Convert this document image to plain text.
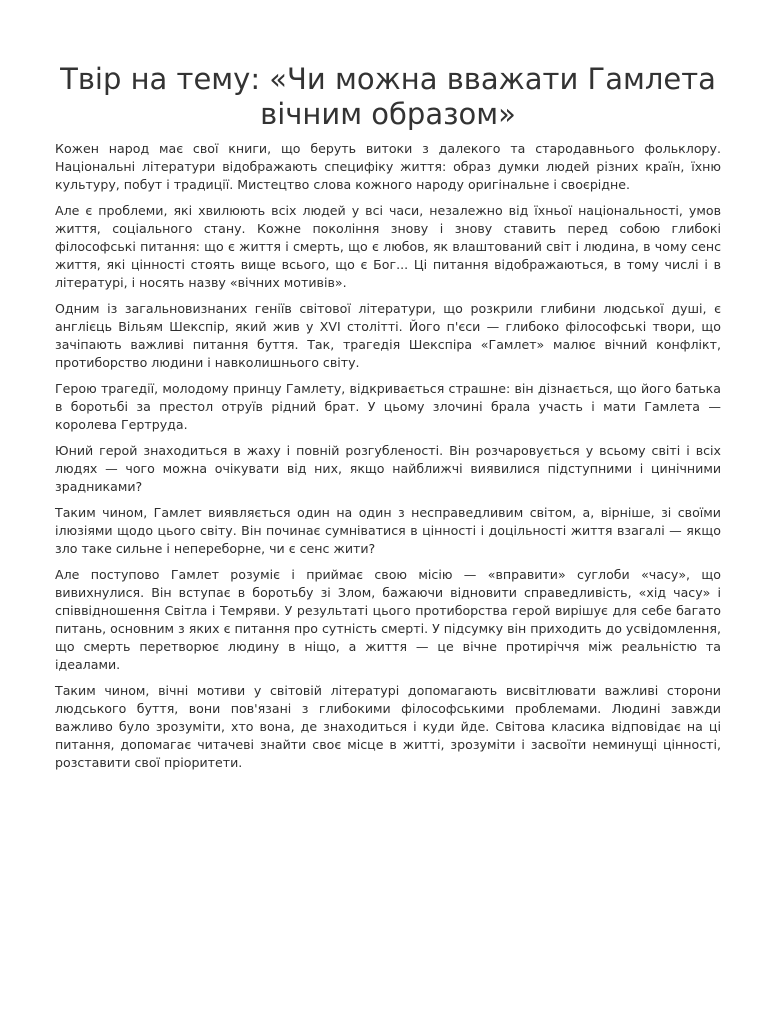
Твір на тему: «Чи можна вважати Гамлета вічним образом»

Кожен народ має свої книги, що беруть витоки з далекого та стародавнього фольклору. Національні літератури відображають специфіку життя: образ думки людей різних країн, їхню культуру, побут і традиції. Мистецтво слова кожного народу оригінальне і своєрідне.

Але є проблеми, які хвилюють всіх людей у всі часи, незалежно від їхньої національності, умов життя, соціального стану. Кожне покоління знову і знову ставить перед собою глибокі філософські питання: що є життя і смерть, що є любов, як влаштований світ і людина, в чому сенс життя, які цінності стоять вище всього, що є Бог... Ці питання відображаються, в тому числі і в літературі, і носять назву «вічних мотивів».

Одним із загальновизнаних геніїв світової літератури, що розкрили глибини людської душі, є англієць Вільям Шекспір, який жив у XVI столітті. Його п'єси — глибоко філософські твори, що зачіпають важливі питання буття. Так, трагедія Шекспіра «Гамлет» малює вічний конфлікт, протиборство людини і навколишнього світу.

Герою трагедії, молодому принцу Гамлету, відкривається страшне: він дізнається, що його батька в боротьбі за престол отруїв рідний брат. У цьому злочині брала участь і мати Гамлета — королева Гертруда.

Юний герой знаходиться в жаху і повній розгубленості. Він розчаровується у всьому світі і всіх людях — чого можна очікувати від них, якщо найближчі виявилися підступними і цинічними зрадниками?

Таким чином, Гамлет виявляється один на один з несправедливим світом, а, вірніше, зі своїми ілюзіями щодо цього світу. Він починає сумніватися в цінності і доцільності життя взагалі — якщо зло таке сильне і непереборне, чи є сенс жити?

Але поступово Гамлет розуміє і приймає свою місію — «вправити» суглоби «часу», що вивихнулися. Він вступає в боротьбу зі Злом, бажаючи відновити справедливість, «хід часу» і співвідношення Світла і Темряви. У результаті цього протиборства герой вирішує для себе багато питань, основним з яких є питання про сутність смерті. У підсумку він приходить до усвідомлення, що смерть перетворює людину в ніщо, а життя — це вічне протиріччя між реальністю та ідеалами.

Таким чином, вічні мотиви у світовій літературі допомагають висвітлювати важливі сторони людського буття, вони пов'язані з глибокими філософськими проблемами. Людині завжди важливо було зрозуміти, хто вона, де знаходиться і куди йде. Світова класика відповідає на ці питання, допомагає читачеві знайти своє місце в житті, зрозуміти і засвоїти неминущі цінності, розставити свої пріоритети.
